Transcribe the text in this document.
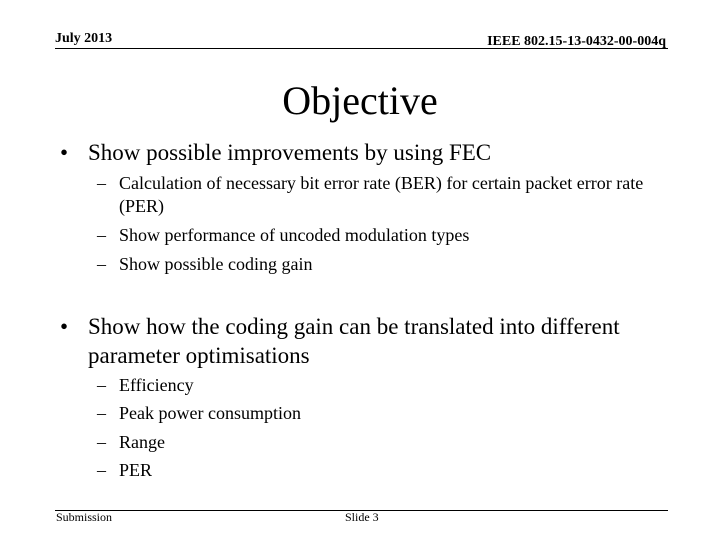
July 2013	IEEE 802.15-13-0432-00-004q
Objective
• Show possible improvements by using FEC
– Calculation of necessary bit error rate (BER) for certain packet error rate (PER)
– Show performance of uncoded modulation types
– Show possible coding gain
• Show how the coding gain can be translated into different parameter optimisations
– Efficiency
– Peak power consumption
– Range
– PER
Submission	Slide 3
